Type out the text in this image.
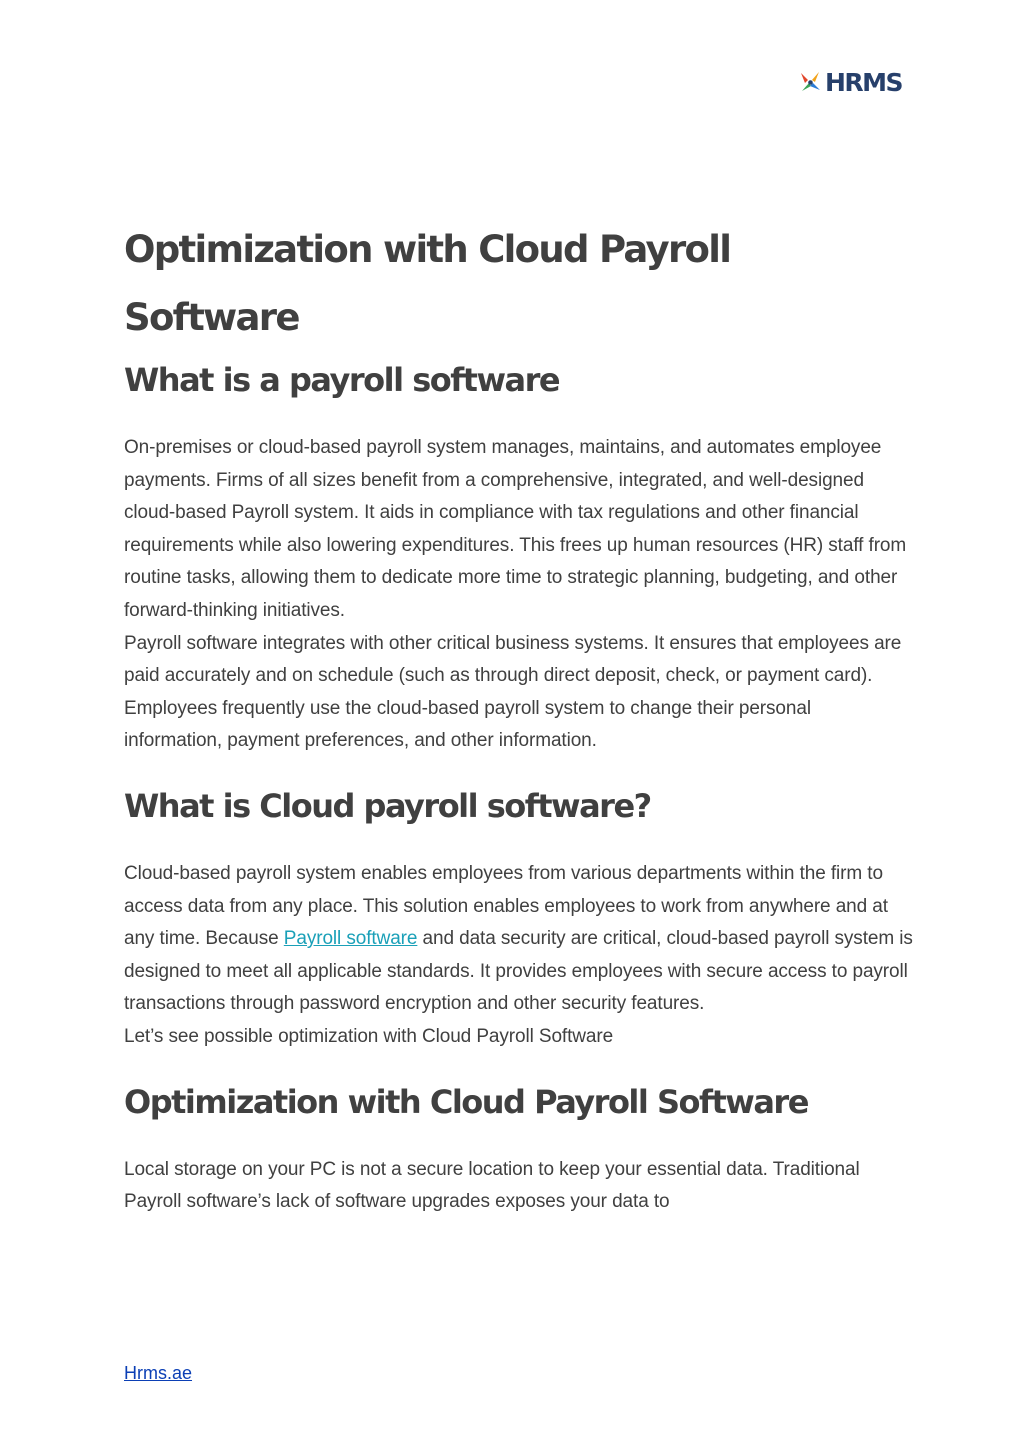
HRMS
Optimization with Cloud Payroll Software
What is a payroll software

On-premises or cloud-based payroll system manages, maintains, and automates employee payments. Firms of all sizes benefit from a comprehensive, integrated, and well-designed cloud-based Payroll system. It aids in compliance with tax regulations and other financial requirements while also lowering expenditures. This frees up human resources (HR) staff from routine tasks, allowing them to dedicate more time to strategic planning, budgeting, and other forward-thinking initiatives.

Payroll software integrates with other critical business systems. It ensures that employees are paid accurately and on schedule (such as through direct deposit, check, or payment card). Employees frequently use the cloud-based payroll system to change their personal information, payment preferences, and other information.

What is Cloud payroll software?

Cloud-based payroll system enables employees from various departments within the firm to access data from any place. This solution enables employees to work from anywhere and at any time. Because Payroll software and data security are critical, cloud-based payroll system is designed to meet all applicable standards. It provides employees with secure access to payroll transactions through password encryption and other security features.

Let’s see possible optimization with Cloud Payroll Software

Optimization with Cloud Payroll Software

Local storage on your PC is not a secure location to keep your essential data. Traditional Payroll software’s lack of software upgrades exposes your data to

Hrms.ae
